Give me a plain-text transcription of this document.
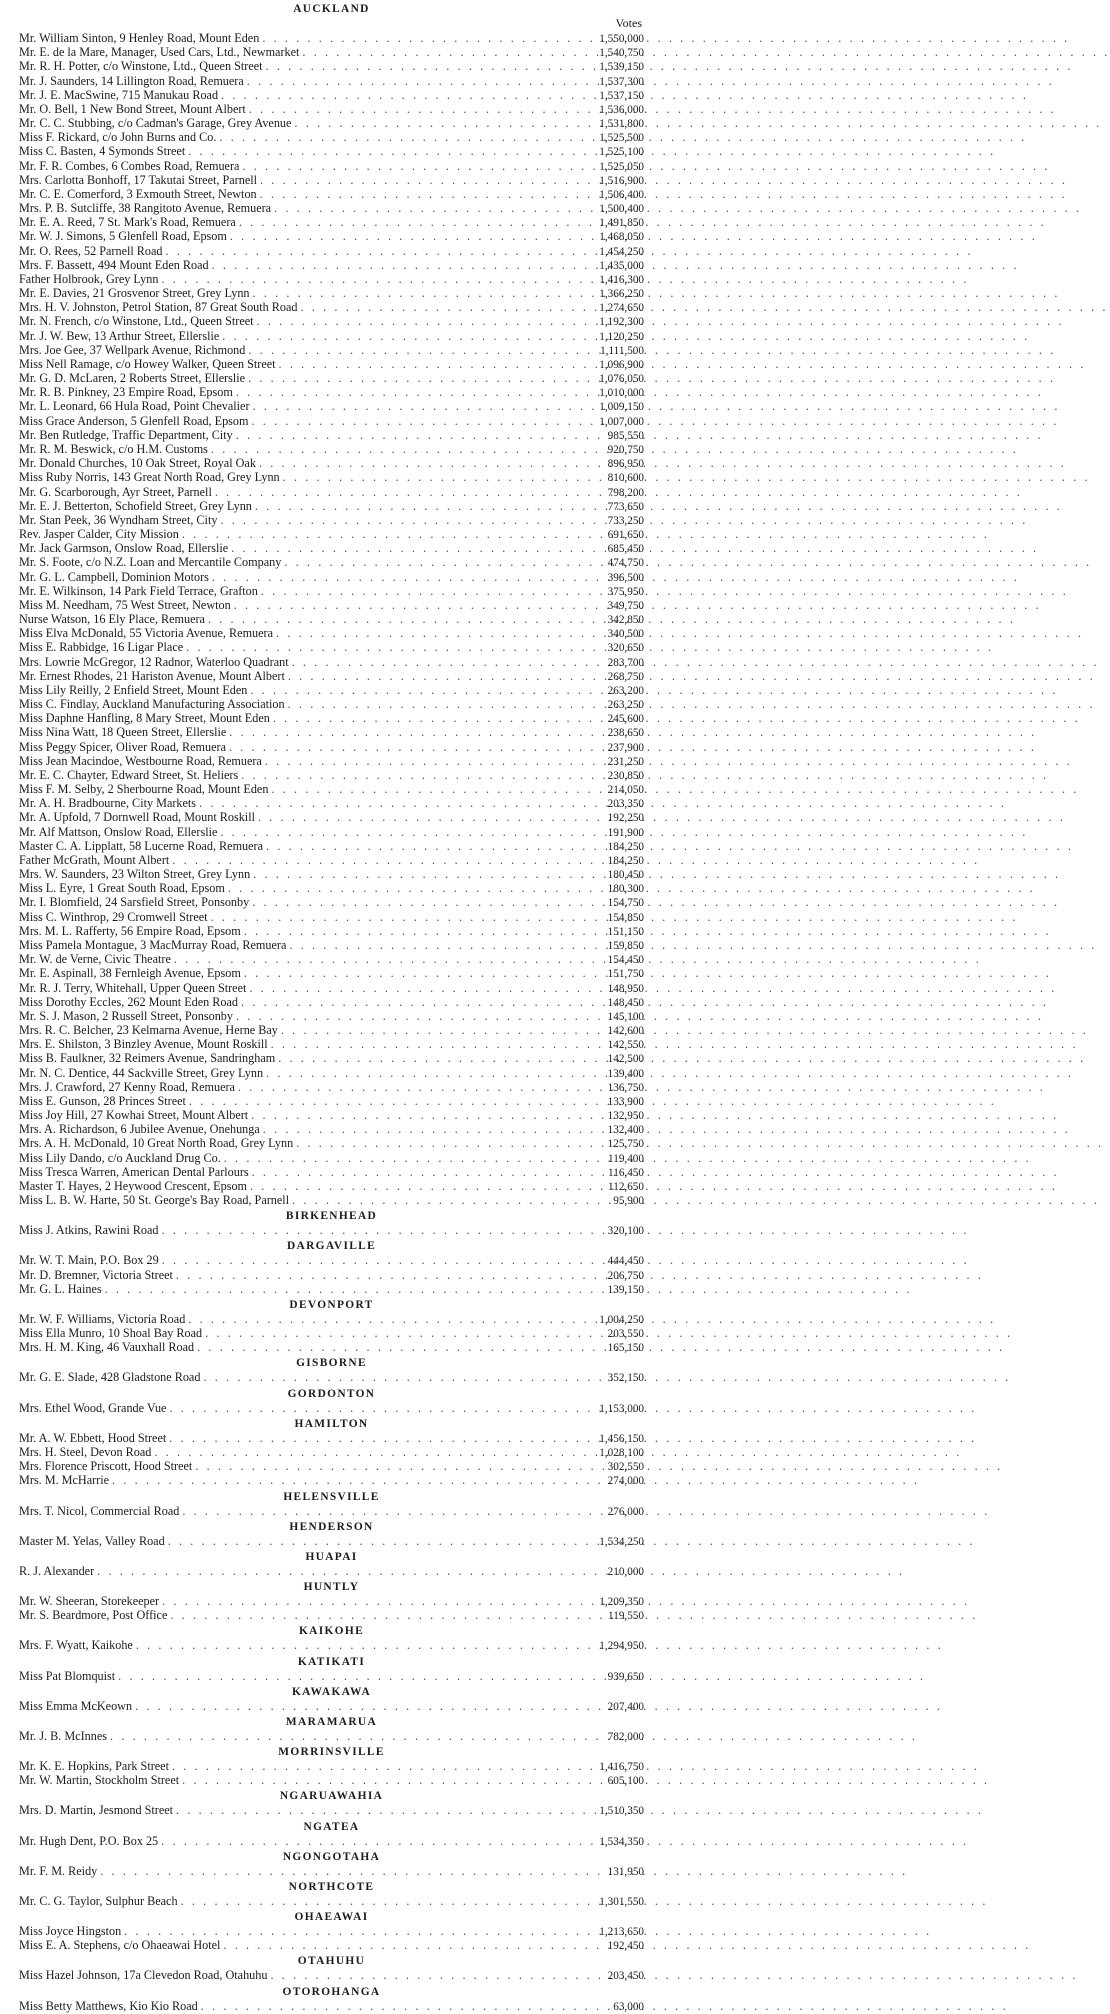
AUCKLAND
Votes
Mr. William Sinton, 9 Henley Road, Mount Eden . . .	1,550,000
Mr. E. de la Mare, Manager, Used Cars, Ltd., Newmarket . . .	1,540,750
Mr. R. H. Potter, c/o Winstone, Ltd., Queen Street . . .	1,539,150
Mr. J. Saunders, 14 Lillington Road, Remuera . . .	1,537,300
Mr. J. E. MacSwine, 715 Manukau Road . . .	1,537,150
Mr. O. Bell, 1 New Bond Street, Mount Albert . . .	1,536,000
Mr. C. C. Stubbing, c/o Cadman's Garage, Grey Avenue . . .	1,531,800
Miss F. Rickard, c/o John Burns and Co. . . .	1,525,500
Miss C. Basten, 4 Symonds Street . . .	1,525,100
Mr. F. R. Combes, 6 Combes Road, Remuera . . .	1,525,050
Mrs. Carlotta Bonhoff, 17 Takutai Street, Parnell . . .	1,516,900
Mr. C. E. Comerford, 3 Exmouth Street, Newton . . .	1,506,400
Mrs. P. B. Sutcliffe, 38 Rangitoto Avenue, Remuera . . .	1,500,400
Mr. E. A. Reed, 7 St. Mark's Road, Remuera . . .	1,491,850
Mr. W. J. Simons, 5 Glenfell Road, Epsom . . .	1,468,050
Mr. O. Rees, 52 Parnell Road . . .	1,454,250
Mrs. F. Bassett, 494 Mount Eden Road . . .	1,435,000
Father Holbrook, Grey Lynn . . .	1,416,300
Mr. E. Davies, 21 Grosvenor Street, Grey Lynn . . .	1,366,250
Mrs. H. V. Johnston, Petrol Station, 87 Great South Road . . .	1,274,650
Mr. N. French, c/o Winstone, Ltd., Queen Street . . .	1,192,300
Mr. J. W. Bew, 13 Arthur Street, Ellerslie . . .	1,120,250
Mrs. Joe Gee, 37 Wellpark Avenue, Richmond . . .	1,111,500
Miss Nell Ramage, c/o Howey Walker, Queen Street . . .	1,096,900
Mr. G. D. McLaren, 2 Roberts Street, Ellerslie . . .	1,076,050
Mr. R. B. Pinkney, 23 Empire Road, Epsom . . .	1,010,000
Mr. L. Leonard, 66 Hula Road, Point Chevalier . . .	1,009,150
Miss Grace Anderson, 5 Glenfell Road, Epsom . . .	1,007,000
Mr. Ben Rutledge, Traffic Department, City . . .	985,550
Mr. R. M. Beswick, c/o H.M. Customs . . .	920,750
Mr. Donald Churches, 10 Oak Street, Royal Oak . . .	896,950
Miss Ruby Norris, 143 Great North Road, Grey Lynn . . .	810,600
Mr. G. Scarborough, Ayr Street, Parnell . . .	798,200
Mr. E. J. Betterton, Schofield Street, Grey Lynn . . .	773,650
Mr. Stan Peek, 36 Wyndham Street, City . . .	733,250
Rev. Jasper Calder, City Mission . . .	691,650
Mr. Jack Garmson, Onslow Road, Ellerslie . . .	685,450
Mr. S. Foote, c/o N.Z. Loan and Mercantile Company . . .	474,750
Mr. G. L. Campbell, Dominion Motors . . .	396,500
Mr. E. Wilkinson, 14 Park Field Terrace, Grafton . . .	375,950
Miss M. Needham, 75 West Street, Newton . . .	349,750
Nurse Watson, 16 Ely Place, Remuera . . .	342,850
Miss Elva McDonald, 55 Victoria Avenue, Remuera . . .	340,500
Miss E. Rabbidge, 16 Ligar Place . . .	320,650
Mrs. Lowrie McGregor, 12 Radnor, Waterloo Quadrant . . .	283,700
Mr. Ernest Rhodes, 21 Hariston Avenue, Mount Albert . . .	268,750
Miss Lily Reilly, 2 Enfield Street, Mount Eden . . .	263,200
Miss C. Findlay, Auckland Manufacturing Association . . .	263,250
Miss Daphne Hanfling, 8 Mary Street, Mount Eden . . .	245,600
Miss Nina Watt, 18 Queen Street, Ellerslie . . .	238,650
Miss Peggy Spicer, Oliver Road, Remuera . . .	237,900
Miss Jean Macindoe, Westbourne Road, Remuera . . .	231,250
Mr. E. C. Chayter, Edward Street, St. Heliers . . .	230,850
Miss F. M. Selby, 2 Sherbourne Road, Mount Eden . . .	214,050
Mr. A. H. Bradbourne, City Markets . . .	203,350
Mr. A. Upfold, 7 Dornwell Road, Mount Roskill . . .	192,250
Mr. Alf Mattson, Onslow Road, Ellerslie . . .	191,900
Master C. A. Lipplatt, 58 Lucerne Road, Remuera . . .	184,250
Father McGrath, Mount Albert . . .	184,250
Mrs. W. Saunders, 23 Wilton Street, Grey Lynn . . .	180,450
Miss L. Eyre, 1 Great South Road, Epsom . . .	180,300
Mr. I. Blomfield, 24 Sarsfield Street, Ponsonby . . .	154,750
Miss C. Winthrop, 29 Cromwell Street . . .	154,850
Mrs. M. L. Rafferty, 56 Empire Road, Epsom . . .	151,150
Miss Pamela Montague, 3 MacMurray Road, Remuera . . .	159,850
Mr. W. de Verne, Civic Theatre . . .	154,450
Mr. E. Aspinall, 38 Fernleigh Avenue, Epsom . . .	151,750
Mr. R. J. Terry, Whitehall, Upper Queen Street . . .	148,950
Miss Dorothy Eccles, 262 Mount Eden Road . . .	148,450
Mr. S. J. Mason, 2 Russell Street, Ponsonby . . .	145,100
Mrs. R. C. Belcher, 23 Kelmarna Avenue, Herne Bay . . .	142,600
Mrs. E. Shilston, 3 Binzley Avenue, Mount Roskill . . .	142,550
Miss B. Faulkner, 32 Reimers Avenue, Sandringham . . .	142,500
Mr. N. C. Dentice, 44 Sackville Street, Grey Lynn . . .	139,400
Mrs. J. Crawford, 27 Kenny Road, Remuera . . .	136,750
Miss E. Gunson, 28 Princes Street . . .	133,900
Miss Joy Hill, 27 Kowhai Street, Mount Albert . . .	132,950
Mrs. A. Richardson, 6 Jubilee Avenue, Onehunga . . .	132,400
Mrs. A. H. McDonald, 10 Great North Road, Grey Lynn . . .	125,750
Miss Lily Dando, c/o Auckland Drug Co. . . .	119,400
Miss Tresca Warren, American Dental Parlours . . .	116,450
Master T. Hayes, 2 Heywood Crescent, Epsom . . .	112,650
Miss L. B. W. Harte, 50 St. George's Bay Road, Parnell . . .	95,900
BIRKENHEAD
Miss J. Atkins, Rawini Road . . .	320,100
DARGAVILLE
Mr. W. T. Main, P.O. Box 29 . . .	444,450
Mr. D. Bremner, Victoria Street . . .	206,750
Mr. G. L. Haines . . .	139,150
DEVONPORT
Mr. W. F. Williams, Victoria Road . . .	1,004,250
Miss Ella Munro, 10 Shoal Bay Road . . .	203,550
Mrs. H. M. King, 46 Vauxhall Road . . .	165,150
GISBORNE
Mr. G. E. Slade, 428 Gladstone Road . . .	352,150
GORDONTON
Mrs. Ethel Wood, Grande Vue . . .	1,153,000
HAMILTON
Mr. A. W. Ebbett, Hood Street . . .	1,456,150
Mrs. H. Steel, Devon Road . . .	1,028,100
Mrs. Florence Priscott, Hood Street . . .	302,550
Mrs. M. McHarrie . . .	274,000
HELENSVILLE
Mrs. T. Nicol, Commercial Road . . .	276,000
HENDERSON
Master M. Yelas, Valley Road . . .	1,534,250
HUAPAI
R. J. Alexander . . .	210,000
HUNTLY
Mr. W. Sheeran, Storekeeper . . .	1,209,350
Mr. S. Beardmore, Post Office . . .	119,550
KAIKOHE
Mrs. F. Wyatt, Kaikohe . . .	1,294,950
KATIKATI
Miss Pat Blomquist . . .	939,650
KAWAKAWA
Miss Emma McKeown . . .	207,400
MARAMARUA
Mr. J. B. McInnes . . .	782,000
MORRINSVILLE
Mr. K. E. Hopkins, Park Street . . .	1,416,750
Mr. W. Martin, Stockholm Street . . .	605,100
NGARUAWAHIA
Mrs. D. Martin, Jesmond Street . . .	1,510,350
NGATEA
Mr. Hugh Dent, P.O. Box 25 . . .	1,534,350
NGONGOTAHA
Mr. F. M. Reidy . . .	131,950
NORTHCOTE
Mr. C. G. Taylor, Sulphur Beach . . .	1,301,550
OHAEAWAI
Miss Joyce Hingston . . .	1,213,650
Miss E. A. Stephens, c/o Ohaeawai Hotel . . .	192,450
OTAHUHU
Miss Hazel Johnson, 17a Clevedon Road, Otahuhu . . .	203,450
OTOROHANGA
Miss Betty Matthews, Kio Kio Road . . .	63,000
